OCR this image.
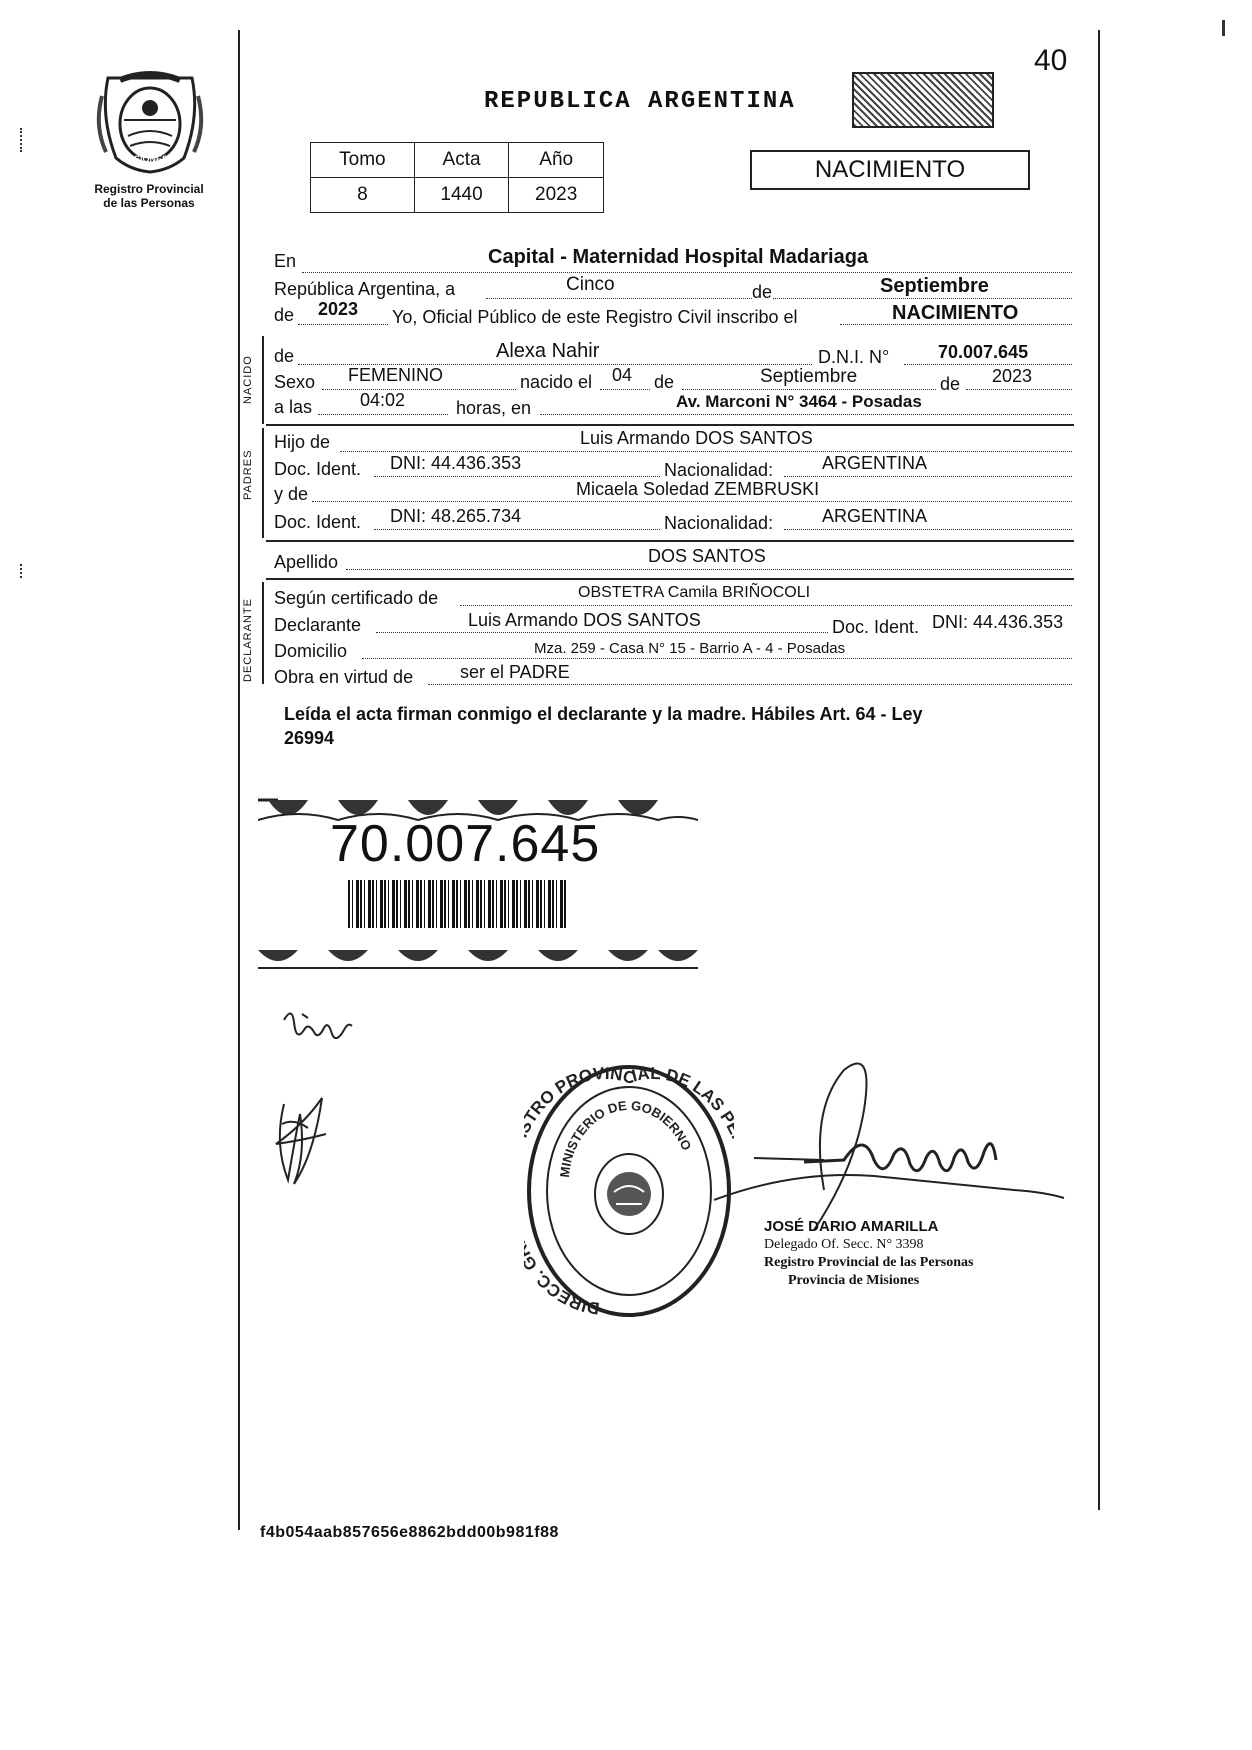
MISIONES
Registro Provincial
de las Personas
40
REPUBLICA ARGENTINA
Tomo	Acta	Año
8	1440	2023
NACIMIENTO
En	Capital - Maternidad Hospital Madariaga
República Argentina, a	Cinco	de	Septiembre
de 2023 Yo, Oficial Público de este Registro Civil inscribo el	NACIMIENTO
NACIDO de	Alexa Nahir	D.N.I. N°	70.007.645
Sexo FEMENINO	nacido el 04 de	Septiembre	de 2023
a las	04:02	horas, en	Av. Marconi N° 3464 - Posadas
PADRES
Hijo de	Luis Armando DOS SANTOS
Doc. Ident. DNI: 44.436.353	Nacionalidad:	ARGENTINA
y de	Micaela Soledad ZEMBRUSKI
Doc. Ident. DNI: 48.265.734	Nacionalidad:	ARGENTINA
Apellido	DOS SANTOS
DECLARANTE
Según certificado de	OBSTETRA Camila BRIÑOCOLI
Declarante	Luis Armando DOS SANTOS	Doc. Ident. DNI: 44.436.353
Domicilio	Mza. 259 - Casa N° 15 - Barrio A - 4 - Posadas
Obra en virtud de	ser el PADRE
Leída el acta firman conmigo el declarante y la madre. Hábiles Art. 64 - Ley
26994
70.007.645
DIRECC. RO PROVINCIAL DE LAS
MINISTERIO DE GOBIERNO
JOSÉ DARIO AMARILLA
Delegado Of. Secc. N° 3398
Registro Provincial de las Personas
Provincia de Misiones
f4b054aab857656e8862bdd00b981f88
